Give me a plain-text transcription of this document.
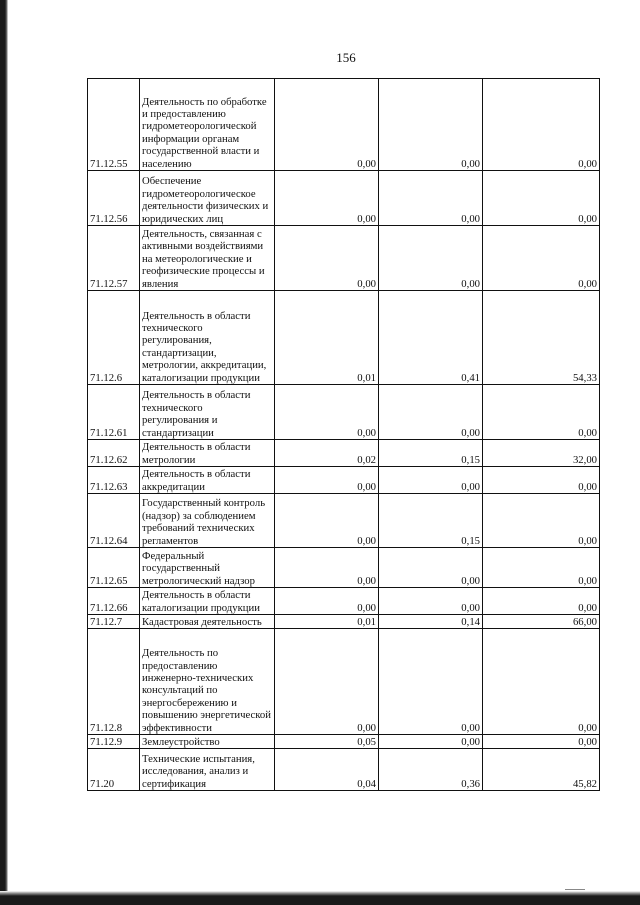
156
71.12.55	Деятельность по обработке и предоставлению гидрометеорологической информации органам государственной власти и населению	0,00	0,00	0,00
71.12.56	Обеспечение гидрометеорологическое деятельности физических и юридических лиц	0,00	0,00	0,00
71.12.57	Деятельность, связанная с активными воздействиями на метеорологические и геофизические процессы и явления	0,00	0,00	0,00
71.12.6	Деятельность в области технического регулирования, стандартизации, метрологии, аккредитации, каталогизации продукции	0,01	0,41	54,33
71.12.61	Деятельность в области технического регулирования и стандартизации	0,00	0,00	0,00
71.12.62	Деятельность в области метрологии	0,02	0,15	32,00
71.12.63	Деятельность в области аккредитации	0,00	0,00	0,00
71.12.64	Государственный контроль (надзор) за соблюдением требований технических регламентов	0,00	0,15	0,00
71.12.65	Федеральный государственный метрологический надзор	0,00	0,00	0,00
71.12.66	Деятельность в области каталогизации продукции	0,00	0,00	0,00
71.12.7	Кадастровая деятельность	0,01	0,14	66,00
71.12.8	Деятельность по предоставлению инженерно-технических консультаций по энергосбережению и повышению энергетической эффективности	0,00	0,00	0,00
71.12.9	Землеустройство	0,05	0,00	0,00
71.20	Технические испытания, исследования, анализ и сертификация	0,04	0,36	45,82
